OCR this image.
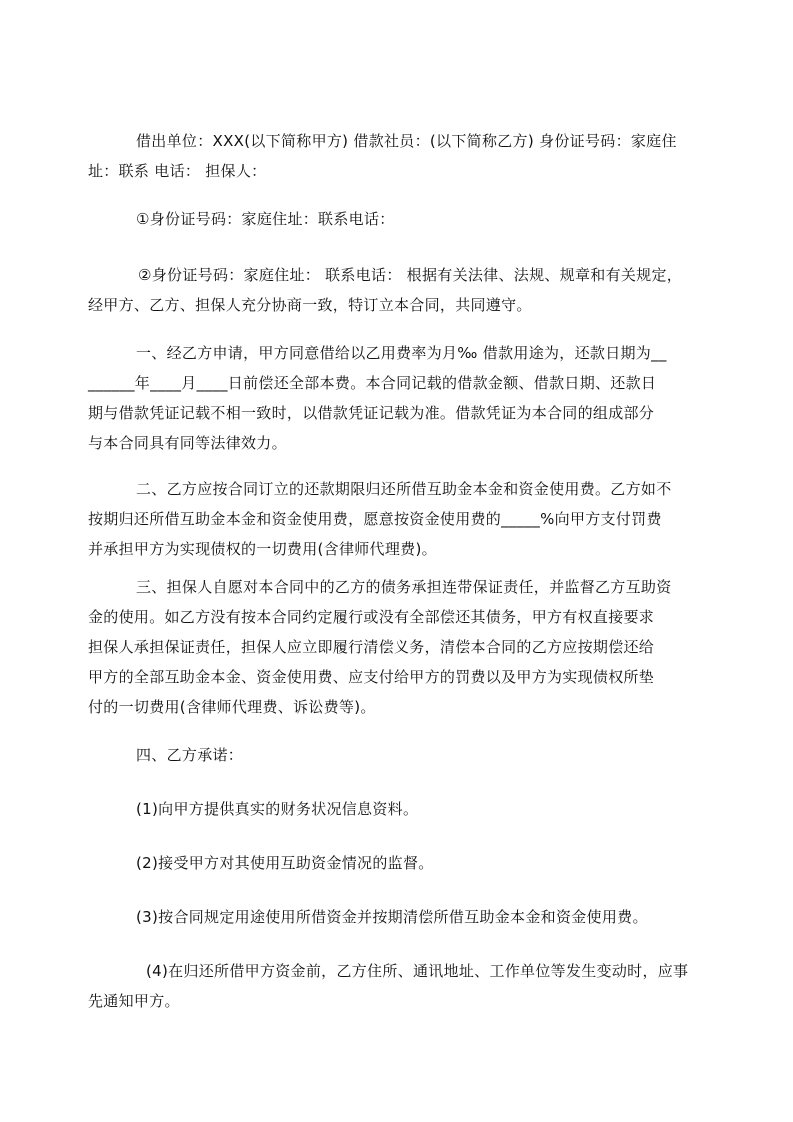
借出单位：XXX(以下简称甲方) 借款社员：(以下简称乙方) 身份证号码：家庭住
址：联系 电话： 担保人：

①身份证号码：家庭住址：联系电话：

②身份证号码：家庭住址： 联系电话： 根据有关法律、法规、规章和有关规定，
经甲方、乙方、担保人充分协商一致，特订立本合同，共同遵守。

一、经乙方申请，甲方同意借给以乙用费率为月‰ 借款用途为，还款日期为__
______年____月____日前偿还全部本费。本合同记载的借款金额、借款日期、还款日
期与借款凭证记载不相一致时，以借款凭证记载为准。借款凭证为本合同的组成部分
与本合同具有同等法律效力。

二、乙方应按合同订立的还款期限归还所借互助金本金和资金使用费。乙方如不
按期归还所借互助金本金和资金使用费，愿意按资金使用费的_____%向甲方支付罚费
并承担甲方为实现债权的一切费用(含律师代理费)。

三、担保人自愿对本合同中的乙方的债务承担连带保证责任，并监督乙方互助资
金的使用。如乙方没有按本合同约定履行或没有全部偿还其债务，甲方有权直接要求
担保人承担保证责任，担保人应立即履行清偿义务，清偿本合同的乙方应按期偿还给
甲方的全部互助金本金、资金使用费、应支付给甲方的罚费以及甲方为实现债权所垫
付的一切费用(含律师代理费、诉讼费等)。

四、乙方承诺：

(1)向甲方提供真实的财务状况信息资料。

(2)接受甲方对其使用互助资金情况的监督。

(3)按合同规定用途使用所借资金并按期清偿所借互助金本金和资金使用费。

(4)在归还所借甲方资金前，乙方住所、通讯地址、工作单位等发生变动时，应事
先通知甲方。
